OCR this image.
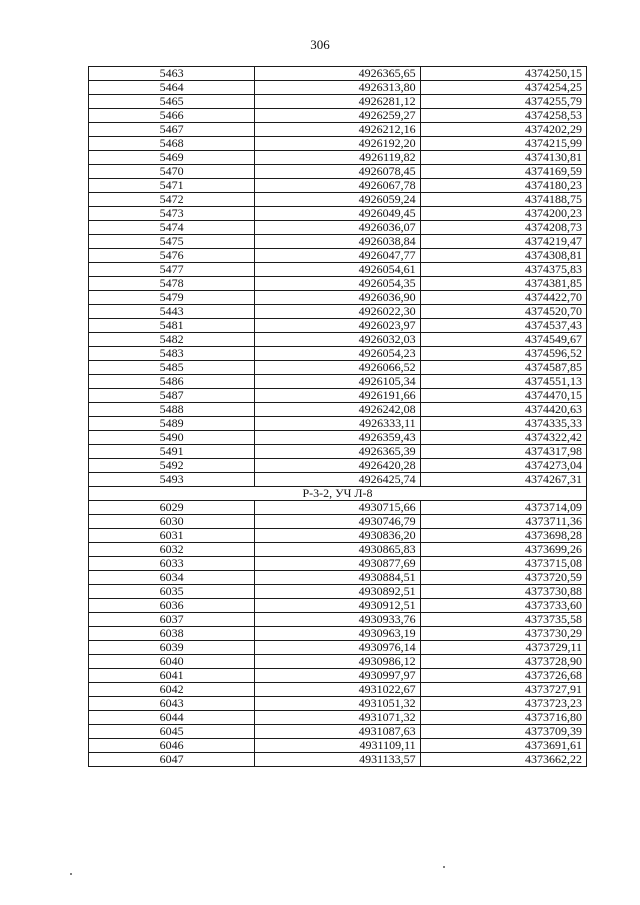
306
5463	4926365,65	4374250,15
5464	4926313,80	4374254,25
5465	4926281,12	4374255,79
5466	4926259,27	4374258,53
5467	4926212,16	4374202,29
5468	4926192,20	4374215,99
5469	4926119,82	4374130,81
5470	4926078,45	4374169,59
5471	4926067,78	4374180,23
5472	4926059,24	4374188,75
5473	4926049,45	4374200,23
5474	4926036,07	4374208,73
5475	4926038,84	4374219,47
5476	4926047,77	4374308,81
5477	4926054,61	4374375,83
5478	4926054,35	4374381,85
5479	4926036,90	4374422,70
5443	4926022,30	4374520,70
5481	4926023,97	4374537,43
5482	4926032,03	4374549,67
5483	4926054,23	4374596,52
5485	4926066,52	4374587,85
5486	4926105,34	4374551,13
5487	4926191,66	4374470,15
5488	4926242,08	4374420,63
5489	4926333,11	4374335,33
5490	4926359,43	4374322,42
5491	4926365,39	4374317,98
5492	4926420,28	4374273,04
5493	4926425,74	4374267,31
Р-3-2, УЧ Л-8		
6029	4930715,66	4373714,09
6030	4930746,79	4373711,36
6031	4930836,20	4373698,28
6032	4930865,83	4373699,26
6033	4930877,69	4373715,08
6034	4930884,51	4373720,59
6035	4930892,51	4373730,88
6036	4930912,51	4373733,60
6037	4930933,76	4373735,58
6038	4930963,19	4373730,29
6039	4930976,14	4373729,11
6040	4930986,12	4373728,90
6041	4930997,97	4373726,68
6042	4931022,67	4373727,91
6043	4931051,32	4373723,23
6044	4931071,32	4373716,80
6045	4931087,63	4373709,39
6046	4931109,11	4373691,61
6047	4931133,57	4373662,22
